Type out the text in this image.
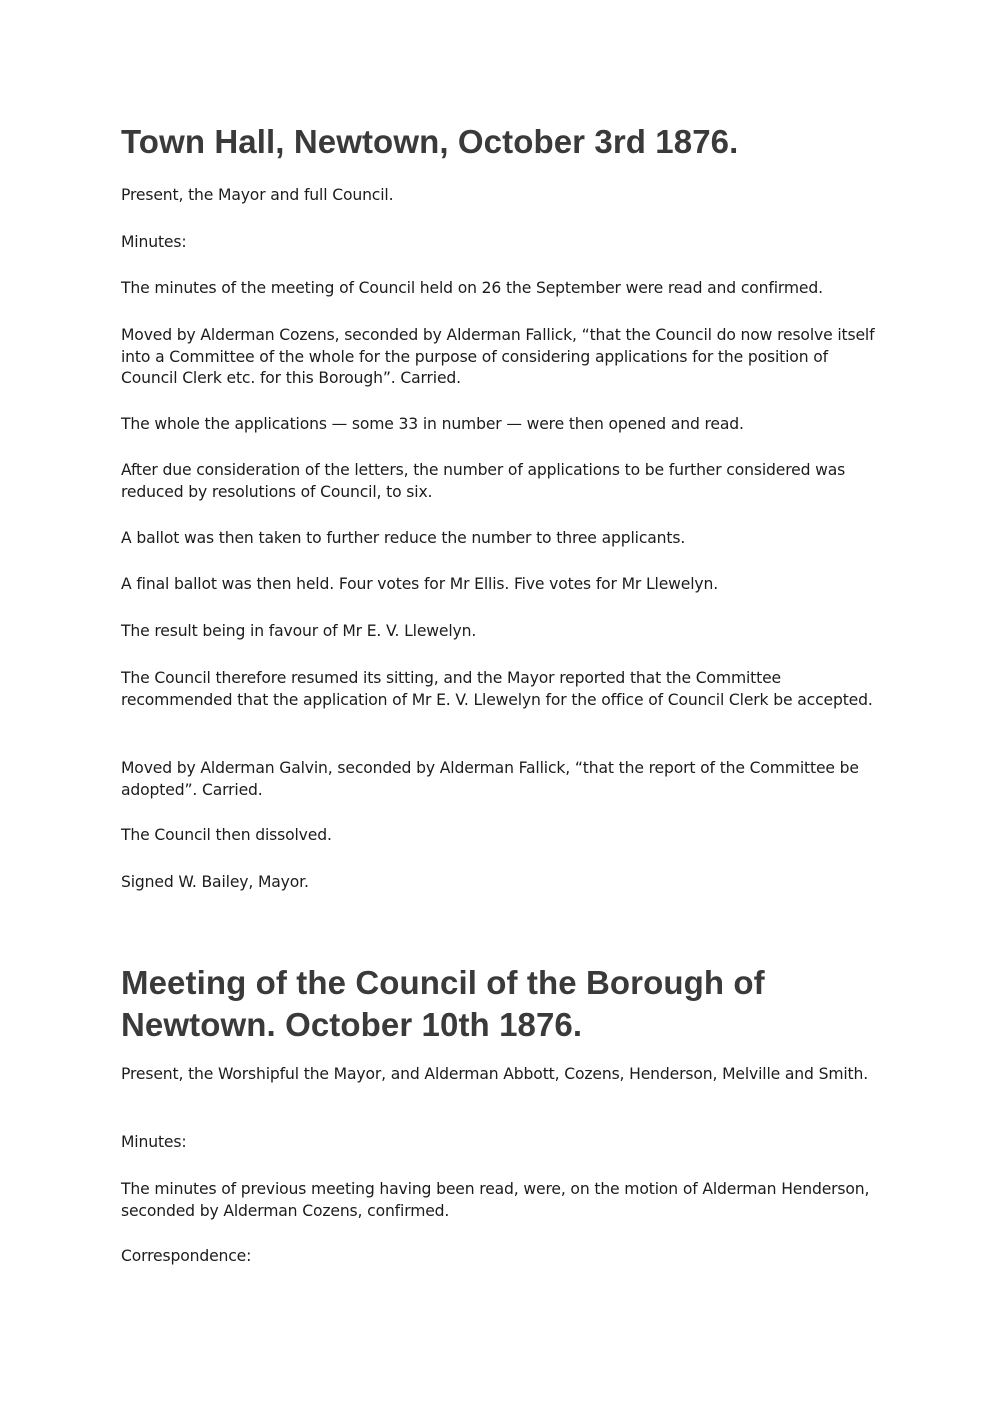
Town Hall, Newtown, October 3rd 1876.

Present, the Mayor and full Council.

Minutes:

The minutes of the meeting of Council held on 26 the September were read and confirmed.

Moved by Alderman Cozens, seconded by Alderman Fallick, “that the Council do now resolve itself into a Committee of the whole for the purpose of considering applications for the position of Council Clerk etc. for this Borough”. Carried.

The whole the applications — some 33 in number — were then opened and read.

After due consideration of the letters, the number of applications to be further considered was reduced by resolutions of Council, to six.

A ballot was then taken to further reduce the number to three applicants.

A final ballot was then held. Four votes for Mr Ellis. Five votes for Mr Llewelyn.

The result being in favour of Mr E. V. Llewelyn.

The Council therefore resumed its sitting, and the Mayor reported that the Committee recommended that the application of Mr E. V. Llewelyn for the office of Council Clerk be accepted.

Moved by Alderman Galvin, seconded by Alderman Fallick, “that the report of the Committee be adopted”. Carried.

The Council then dissolved.

Signed W. Bailey, Mayor.

Meeting of the Council of the Borough of Newtown. October 10th 1876.

Present, the Worshipful the Mayor, and Alderman Abbott, Cozens, Henderson, Melville and Smith.

Minutes:

The minutes of previous meeting having been read, were, on the motion of Alderman Henderson, seconded by Alderman Cozens, confirmed.

Correspondence:
